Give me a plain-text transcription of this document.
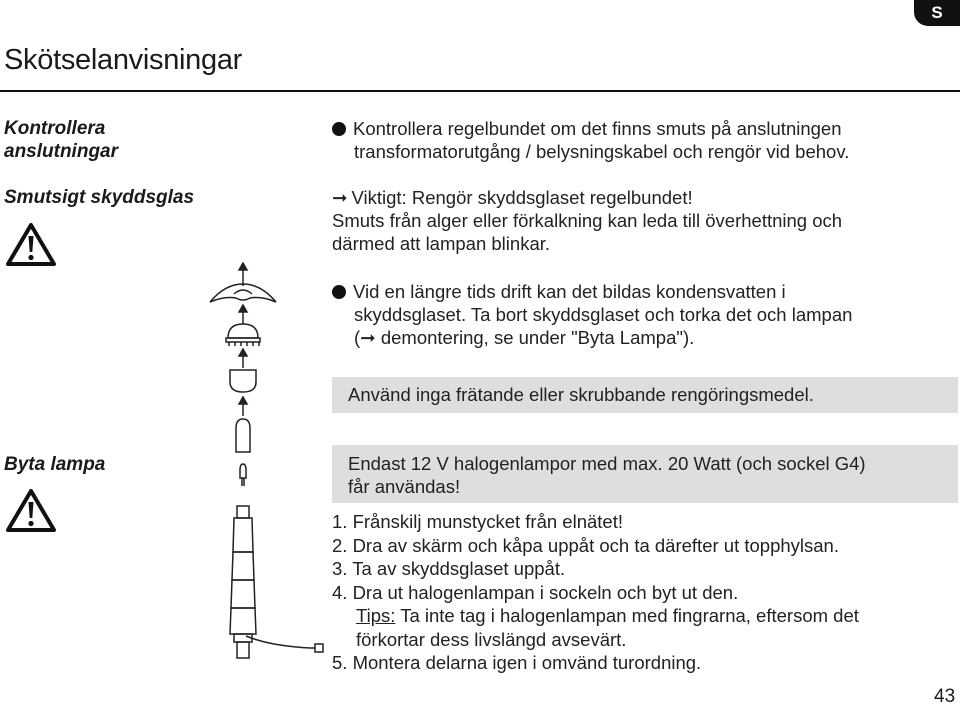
S
Skötselanvisningar
Kontrollera
anslutningar

Kontrollera regelbundet om det finns smuts på anslutningen
transformatorutgång / belysningskabel och rengör vid behov.

Smutsigt skyddsglas	➞ Viktigt: Rengör skyddsglaset regelbundet!
Smuts från alger eller förkalkning kan leda till överhettning och
därmed att lampan blinkar.

Vid en längre tids drift kan det bildas kondensvatten i
skyddsglaset. Ta bort skyddsglaset och torka det och lampan
(➞ demontering, se under "Byta Lampa").

Använd inga frätande eller skrubbande rengöringsmedel.
Byta lampa	Endast 12 V halogenlampor med max. 20 Watt (och sockel G4)
får användas!
1. Frånskilj munstycket från elnätet!
2. Dra av skärm och kåpa uppåt och ta därefter ut topphylsan.
3. Ta av skyddsglaset uppåt.
4. Dra ut halogenlampan i sockeln och byt ut den.
Tips: Ta inte tag i halogenlampan med fingrarna, eftersom det
förkortar dess livslängd avsevärt.
5. Montera delarna igen i omvänd turordning.
43
